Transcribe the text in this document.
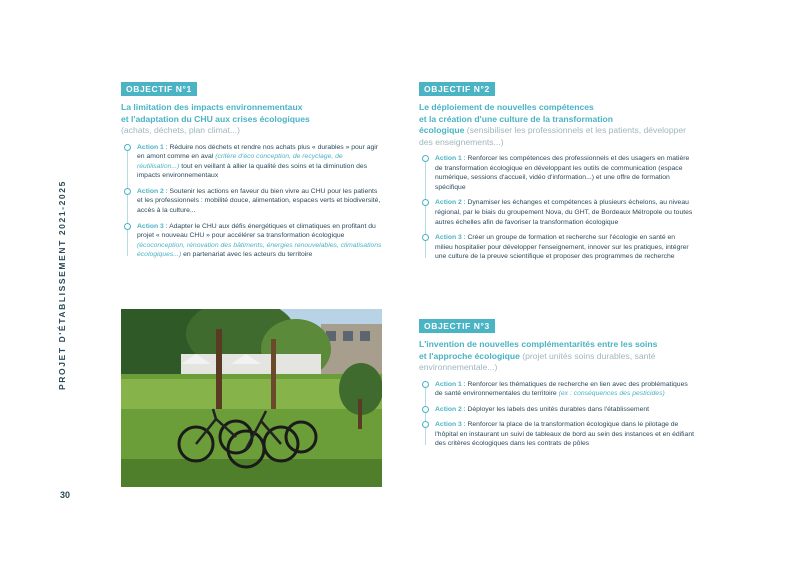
PROJET D'ÉTABLISSEMENT 2021-2025
30
OBJECTIF N°1
La limitation des impacts environnementaux
et l'adaptation du CHU aux crises écologiques
(achats, déchets, plan climat...)
Action 1 : Réduire nos déchets et rendre nos achats plus « durables » pour agir en amont comme en aval (critère d'éco conception, de recyclage, de réutilisation...) tout en veillant à allier la qualité des soins et la diminution des impacts environnementaux
Action 2 : Soutenir les actions en faveur du bien vivre au CHU pour les patients et les professionnels : mobilité douce, alimentation, espaces verts et biodiversité, accès à la culture...
Action 3 : Adapter le CHU aux défis énergétiques et climatiques en profitant du projet « nouveau CHU » pour accélérer sa transformation écologique (écoconception, rénovation des bâtiments, énergies renouvelables, climatisations écologiques...) en partenariat avec les acteurs du territoire
OBJECTIF N°2
Le déploiement de nouvelles compétences
et la création d'une culture de la transformation
écologique (sensibiliser les professionnels et les patients, développer des enseignements...)
Action 1 : Renforcer les compétences des professionnels et des usagers en matière de transformation écologique en développant les outils de communication (espace numérique, sessions d'accueil, vidéo d'information...) et une offre de formation spécifique
Action 2 : Dynamiser les échanges et compétences à plusieurs échelons, au niveau régional, par le biais du groupement Nova, du GHT, de Bordeaux Métropole ou toutes autres échelles afin de favoriser la transformation écologique
Action 3 : Créer un groupe de formation et recherche sur l'écologie en santé en milieu hospitalier pour développer l'enseignement, innover sur les pratiques, intégrer une culture de la preuve scientifique et proposer des programmes de recherche
OBJECTIF N°3
L'invention de nouvelles complémentarités entre les soins
et l'approche écologique (projet unités soins durables, santé environnementale...)
Action 1 : Renforcer les thématiques de recherche en lien avec des problématiques de santé environnementales du territoire (ex : conséquences des pesticides)
Action 2 : Déployer les labels des unités durables dans l'établissement
Action 3 : Renforcer la place de la transformation écologique dans le pilotage de l'hôpital en instaurant un suivi de tableaux de bord au sein des instances et en édifiant des critères écologiques dans les contrats de pôles
